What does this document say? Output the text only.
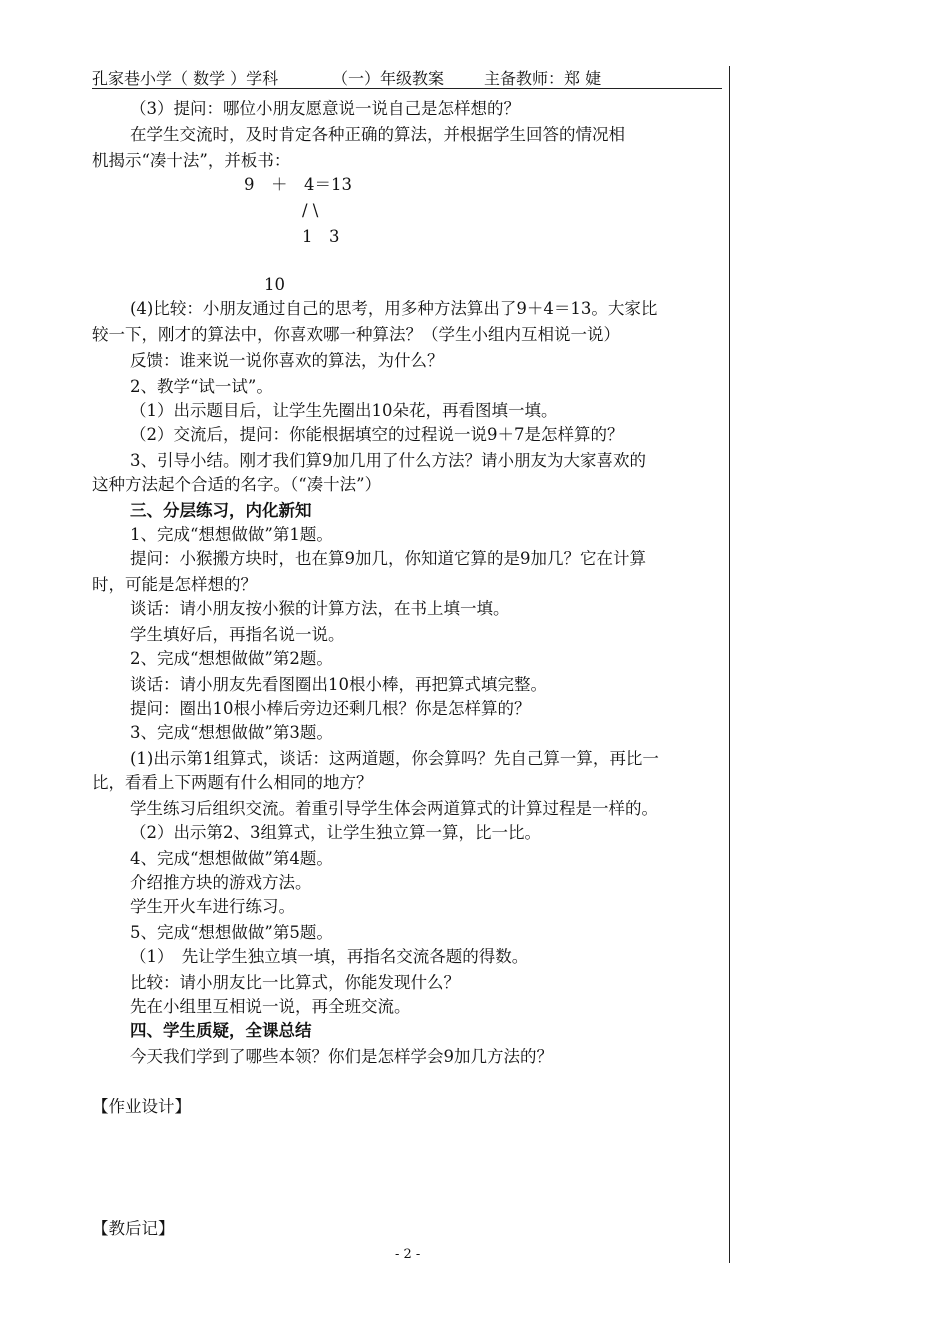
孔家巷小学（ 数学 ）学科

	（一）年级教案

主备教师：郑 婕

（3）提问：哪位小朋友愿意说一说自己是怎样想的？
在学生交流时，及时肯定各种正确的算法，并根据学生回答的情况相
机揭示“凑十法”，并板书：
9　＋　4＝13
/ \
1　3
10
(4)比较：小朋友通过自己的思考，用多种方法算出了9＋4＝13。大家比
较一下，刚才的算法中，你喜欢哪一种算法？（学生小组内互相说一说）
反馈：谁来说一说你喜欢的算法，为什么？
2、教学“试一试”。
（1）出示题目后，让学生先圈出10朵花，再看图填一填。
（2）交流后，提问：你能根据填空的过程说一说9＋7是怎样算的？
3、引导小结。刚才我们算9加几用了什么方法？请小朋友为大家喜欢的
这种方法起个合适的名字。（“凑十法”）
三、分层练习，内化新知
1、完成“想想做做”第1题。
提问：小猴搬方块时，也在算9加几，你知道它算的是9加几？它在计算
时，可能是怎样想的？
谈话：请小朋友按小猴的计算方法，在书上填一填。
学生填好后，再指名说一说。
2、完成“想想做做”第2题。
谈话：请小朋友先看图圈出10根小棒，再把算式填完整。
提问：圈出10根小棒后旁边还剩几根？你是怎样算的？
3、完成“想想做做”第3题。
(1)出示第1组算式，谈话：这两道题，你会算吗？先自己算一算，再比一
比，看看上下两题有什么相同的地方？
学生练习后组织交流。着重引导学生体会两道算式的计算过程是一样的。
（2）出示第2、3组算式，让学生独立算一算，比一比。
4、完成“想想做做”第4题。
介绍推方块的游戏方法。
学生开火车进行练习。
5、完成“想想做做”第5题。
（1）　先让学生独立填一填，再指名交流各题的得数。
比较：请小朋友比一比算式，你能发现什么？
先在小组里互相说一说，再全班交流。
四、学生质疑，全课总结
今天我们学到了哪些本领？你们是怎样学会9加几方法的？
【作业设计】
【教后记】
- 2 -
